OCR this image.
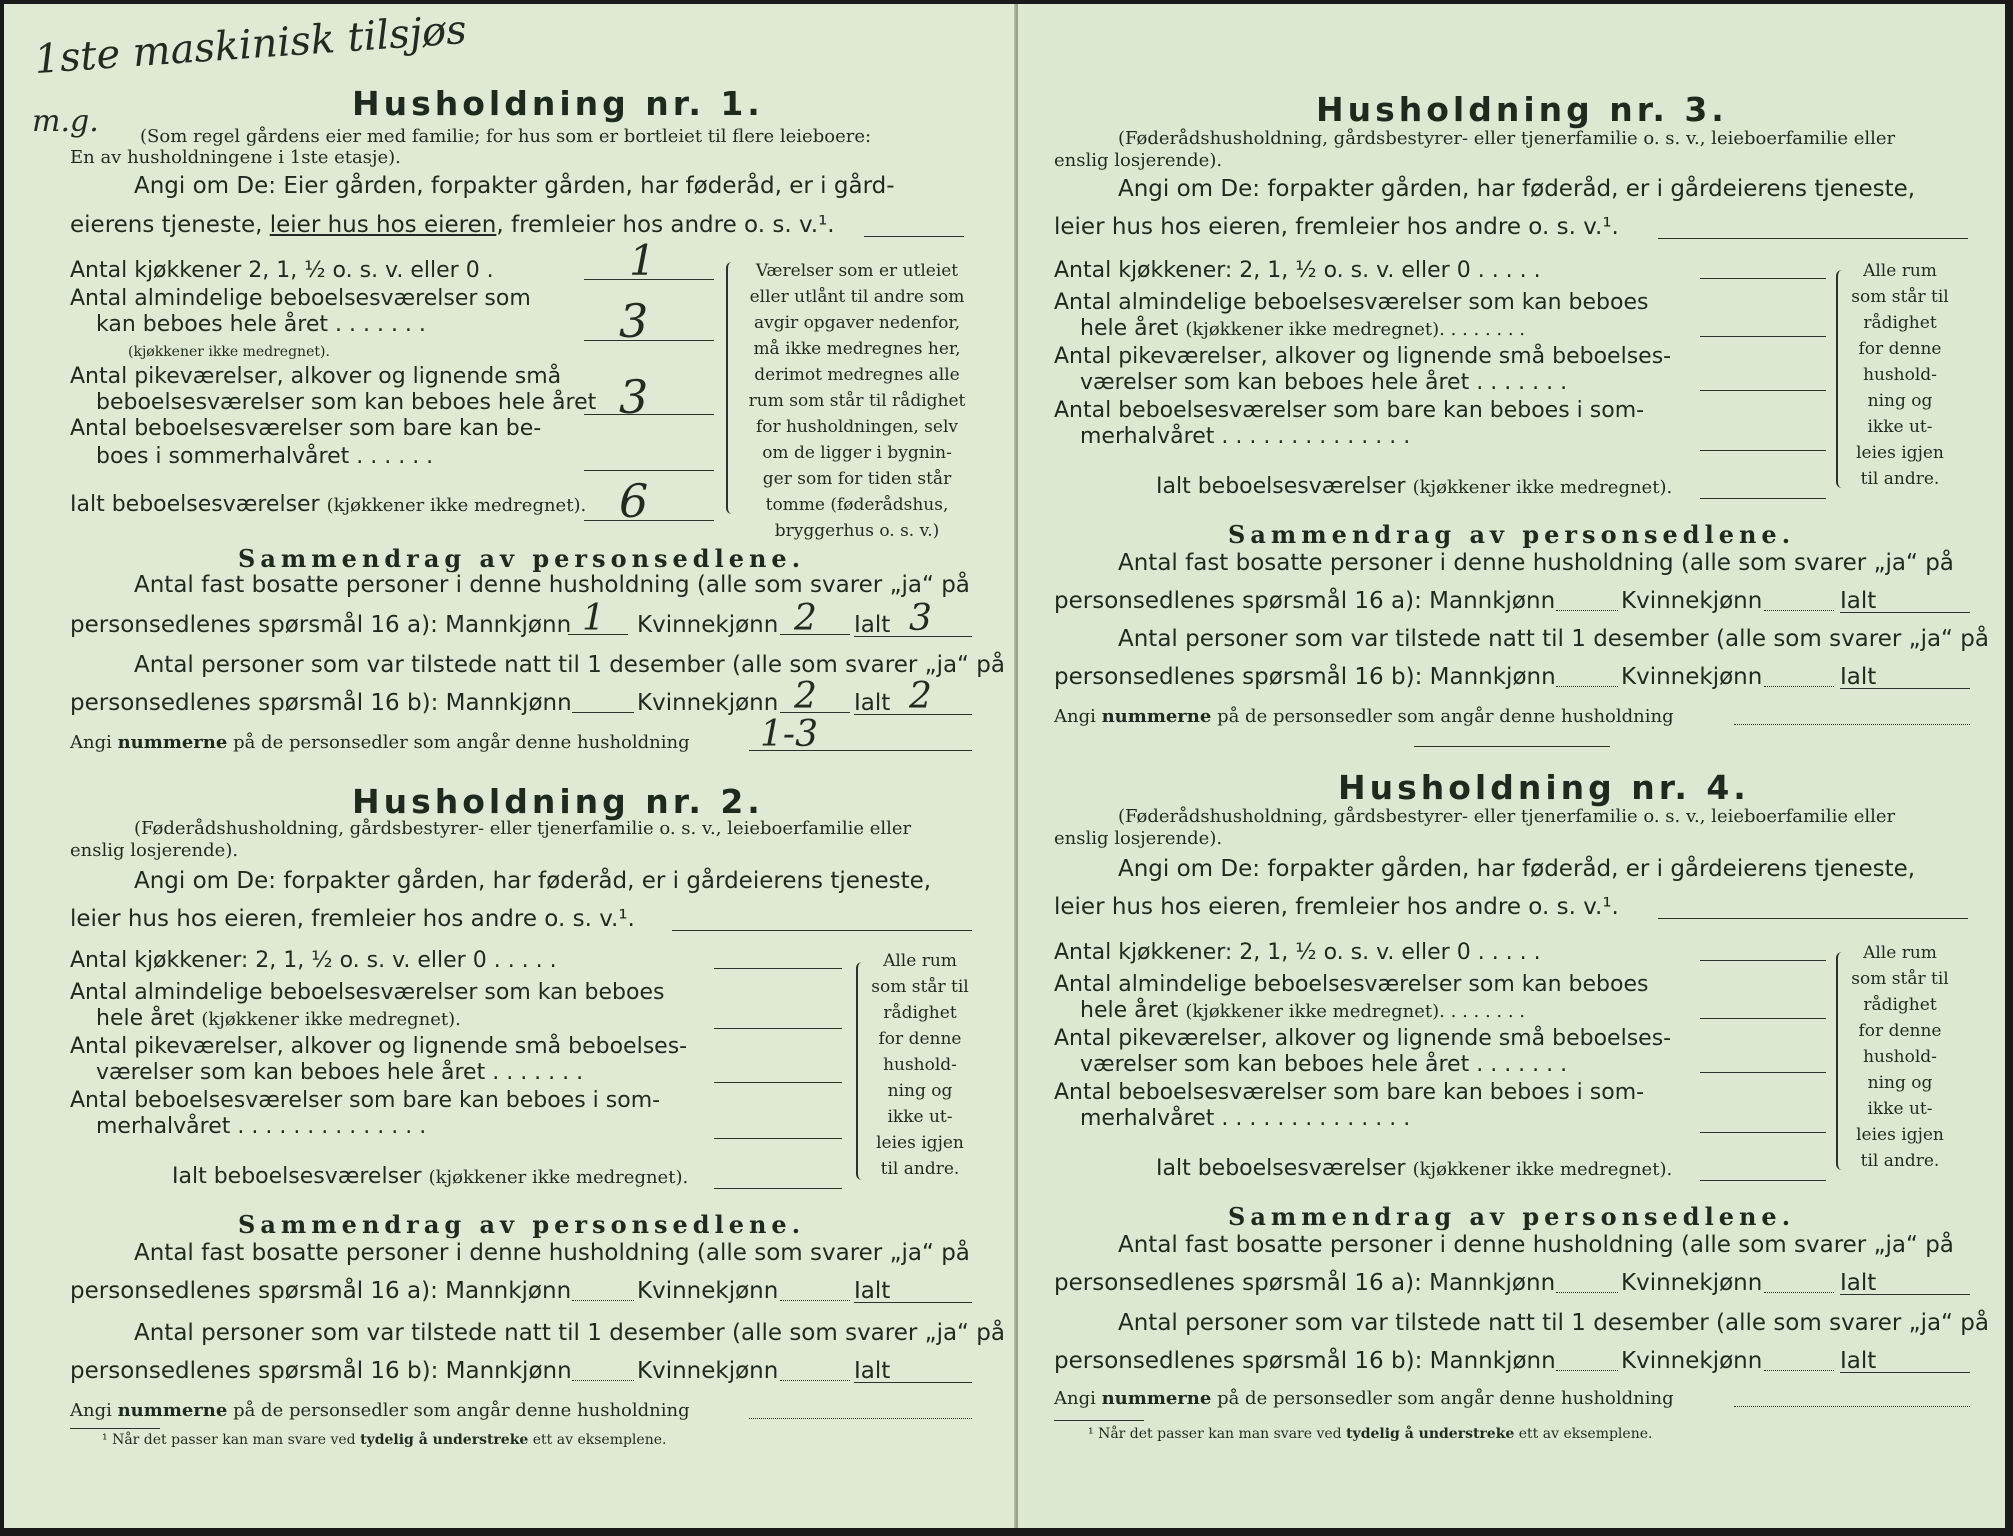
1ste maskinisk tilsjøs
m.g.	Husholdning nr. 1.
(Som regel gårdens eier med familie; for hus som er bortleiet til flere leieboere:
En av husholdningene i 1ste etasje).
Angi om De: Eier gården, forpakter gården, har føderåd, er i gård-
eierens tjeneste, leier hus hos eieren, fremleier hos andre o. s. v.¹.
Antal kjøkkener 2, 1, ½ o. s. v. eller 0 .	1
Antal almindelige beboelsesværelser som
kan beboes hele året . . . . . . .
(kjøkkener ikke medregnet).
3
Antal pikeværelser, alkover og lignende små
beboelsesværelser som kan beboes hele året 3
Antal beboelsesværelser som bare kan be-
boes i sommerhalvåret . . . . . .
Ialt beboelsesværelser (kjøkkener ikke medregnet). 6
Værelser som er utleiet
eller utlånt til andre som
avgir opgaver nedenfor,
må ikke medregnes her,
derimot medregnes alle
rum som står til rådighet
for husholdningen, selv
om de ligger i bygnin-
ger som for tiden står
tomme (føderådshus,
bryggerhus o. s. v.)
Sammendrag av personsedlene.
Antal fast bosatte personer i denne husholdning (alle som svarer „ja“ på
personsedlenes spørsmål 16 a): Mannkjønn 1 Kvinnekjønn 2 Ialt 3
Antal personer som var tilstede natt til 1 desember (alle som svarer „ja“ på
personsedlenes spørsmål 16 b): Mannkjønn	Kvinnekjønn 2 Ialt 2
Angi nummerne på de personsedler som angår denne husholdning 1-3
Husholdning nr. 2.
(Føderådshusholdning, gårdsbestyrer- eller tjenerfamilie o. s. v., leieboerfamilie eller
enslig losjerende).
Angi om De: forpakter gården, har føderåd, er i gårdeierens tjeneste,
leier hus hos eieren, fremleier hos andre o. s. v.¹.
Antal kjøkkener: 2, 1, ½ o. s. v. eller 0 . . . . .
Antal almindelige beboelsesværelser som kan beboes
hele året (kjøkkener ikke medregnet).
Antal pikeværelser, alkover og lignende små beboelses-
værelser som kan beboes hele året . . . . . . .
Antal beboelsesværelser som bare kan beboes i som-
merhalvåret . . . . . . . . . . . . . .
Ialt beboelsesværelser (kjøkkener ikke medregnet).
Alle rum
som står til
rådighet
for denne
hushold-
ning og
ikke ut-
leies igjen
til andre.
Sammendrag av personsedlene.
Antal fast bosatte personer i denne husholdning (alle som svarer „ja“ på
personsedlenes spørsmål 16 a): Mannkjønn	Kvinnekjønn	Ialt
Antal personer som var tilstede natt til 1 desember (alle som svarer „ja“ på
personsedlenes spørsmål 16 b): Mannkjønn	Kvinnekjønn	Ialt
Angi nummerne på de personsedler som angår denne husholdning
¹ Når det passer kan man svare ved tydelig å understreke ett av eksemplene.
Husholdning nr. 3.
(Føderådshusholdning, gårdsbestyrer- eller tjenerfamilie o. s. v., leieboerfamilie eller
enslig losjerende).
Angi om De: forpakter gården, har føderåd, er i gårdeierens tjeneste,
leier hus hos eieren, fremleier hos andre o. s. v.¹.
Antal kjøkkener: 2, 1, ½ o. s. v. eller 0 . . . . .
Antal almindelige beboelsesværelser som kan beboes
hele året (kjøkkener ikke medregnet). . . . . . . .
Antal pikeværelser, alkover og lignende små beboelses-
værelser som kan beboes hele året . . . . . . .
Antal beboelsesværelser som bare kan beboes i som-
merhalvåret . . . . . . . . . . . . . .
Ialt beboelsesværelser (kjøkkener ikke medregnet).
Alle rum
som står til
rådighet
for denne
hushold-
ning og
ikke ut-
leies igjen
til andre.
Sammendrag av personsedlene.
Antal fast bosatte personer i denne husholdning (alle som svarer „ja“ på
personsedlenes spørsmål 16 a): Mannkjønn	Kvinnekjønn	Ialt
Antal personer som var tilstede natt til 1 desember (alle som svarer „ja“ på
personsedlenes spørsmål 16 b): Mannkjønn	Kvinnekjønn	Ialt
Angi nummerne på de personsedler som angår denne husholdning
Husholdning nr. 4.
(Føderådshusholdning, gårdsbestyrer- eller tjenerfamilie o. s. v., leieboerfamilie eller
enslig losjerende).
Angi om De: forpakter gården, har føderåd, er i gårdeierens tjeneste,
leier hus hos eieren, fremleier hos andre o. s. v.¹.
Antal kjøkkener: 2, 1, ½ o. s. v. eller 0 . . . . .
Antal almindelige beboelsesværelser som kan beboes
hele året (kjøkkener ikke medregnet). . . . . . . .
Antal pikeværelser, alkover og lignende små beboelses-
værelser som kan beboes hele året . . . . . . .
Antal beboelsesværelser som bare kan beboes i som-
merhalvåret . . . . . . . . . . . . . .
Ialt beboelsesværelser (kjøkkener ikke medregnet).
Alle rum
som står til
rådighet
for denne
hushold-
ning og
ikke ut-
leies igjen
til andre.
Sammendrag av personsedlene.
Antal fast bosatte personer i denne husholdning (alle som svarer „ja“ på
personsedlenes spørsmål 16 a): Mannkjønn	Kvinnekjønn	Ialt
Antal personer som var tilstede natt til 1 desember (alle som svarer „ja“ på
personsedlenes spørsmål 16 b): Mannkjønn	Kvinnekjønn	Ialt
Angi nummerne på de personsedler som angår denne husholdning
¹ Når det passer kan man svare ved tydelig å understreke ett av eksemplene.
